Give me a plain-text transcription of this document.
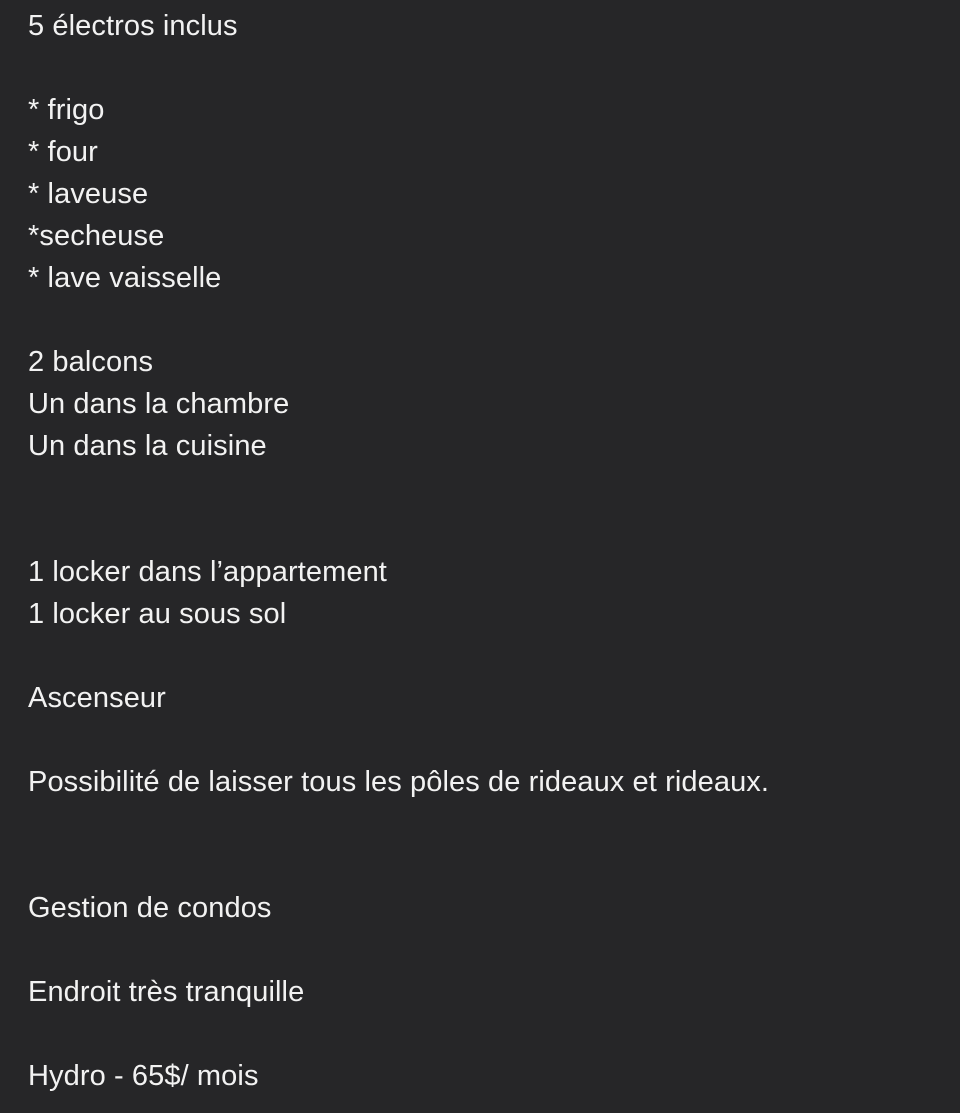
5 électros inclus
* frigo
* four
* laveuse
*secheuse
* lave vaisselle
2 balcons
Un dans la chambre
Un dans la cuisine
1 locker dans l’appartement
1 locker au sous sol
Ascenseur
Possibilité de laisser tous les pôles de rideaux et rideaux.
Gestion de condos
Endroit très tranquille
Hydro - 65$/ mois
